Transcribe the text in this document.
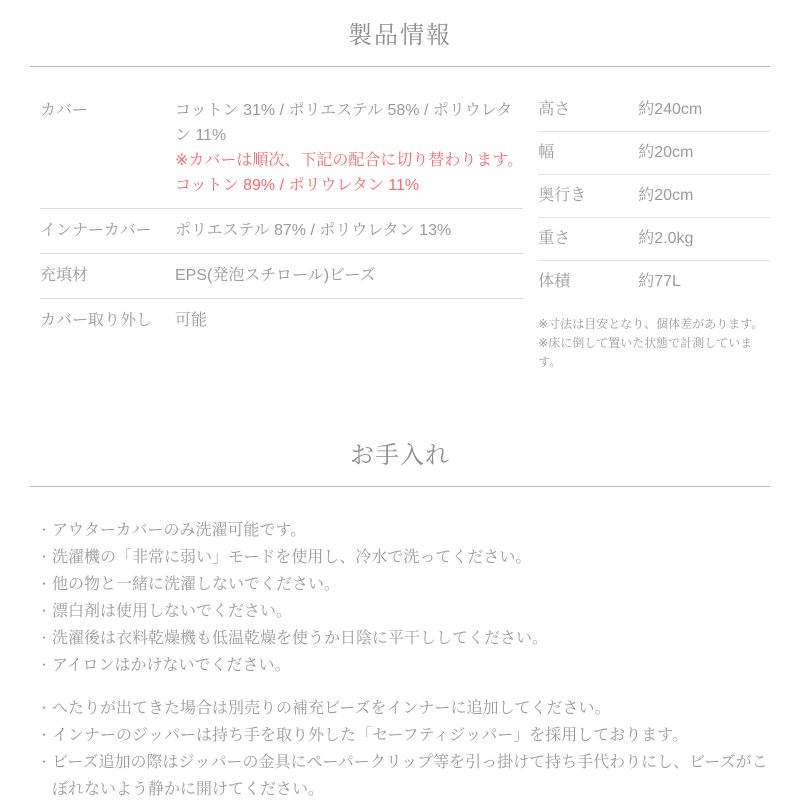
製品情報
カバー	コットン 31% / ポリエステル 58% / ポリウレタン 11%
※カバーは順次、下記の配合に切り替わります。
コットン 89% / ポリウレタン 11%
インナーカバー	ポリエステル 87% / ポリウレタン 13%
充填材	EPS(発泡スチロール)ビーズ
カバー取り外し	可能
高さ	約240cm
幅	約20cm
奥行き	約20cm
重さ	約2.0kg
体積	約77L
※寸法は目安となり、個体差があります。
※床に倒して置いた状態で計測しています。
お手入れ
・ アウターカバーのみ洗濯可能です。
・ 洗濯機の「非常に弱い」モードを使用し、冷水で洗ってください。
・ 他の物と一緒に洗濯しないでください。
・ 漂白剤は使用しないでください。
・ 洗濯後は衣料乾燥機も低温乾燥を使うか日陰に平干ししてください。
・ アイロンはかけないでください。
・ へたりが出てきた場合は別売りの補充ビーズをインナーに追加してください。
・ インナーのジッパーは持ち手を取り外した「セーフティジッパー」を採用しております。
・ ビーズ追加の際はジッパーの金具にペーパークリップ等を引っ掛けて持ち手代わりにし、ビーズがこぼれないよう静かに開けてください。
